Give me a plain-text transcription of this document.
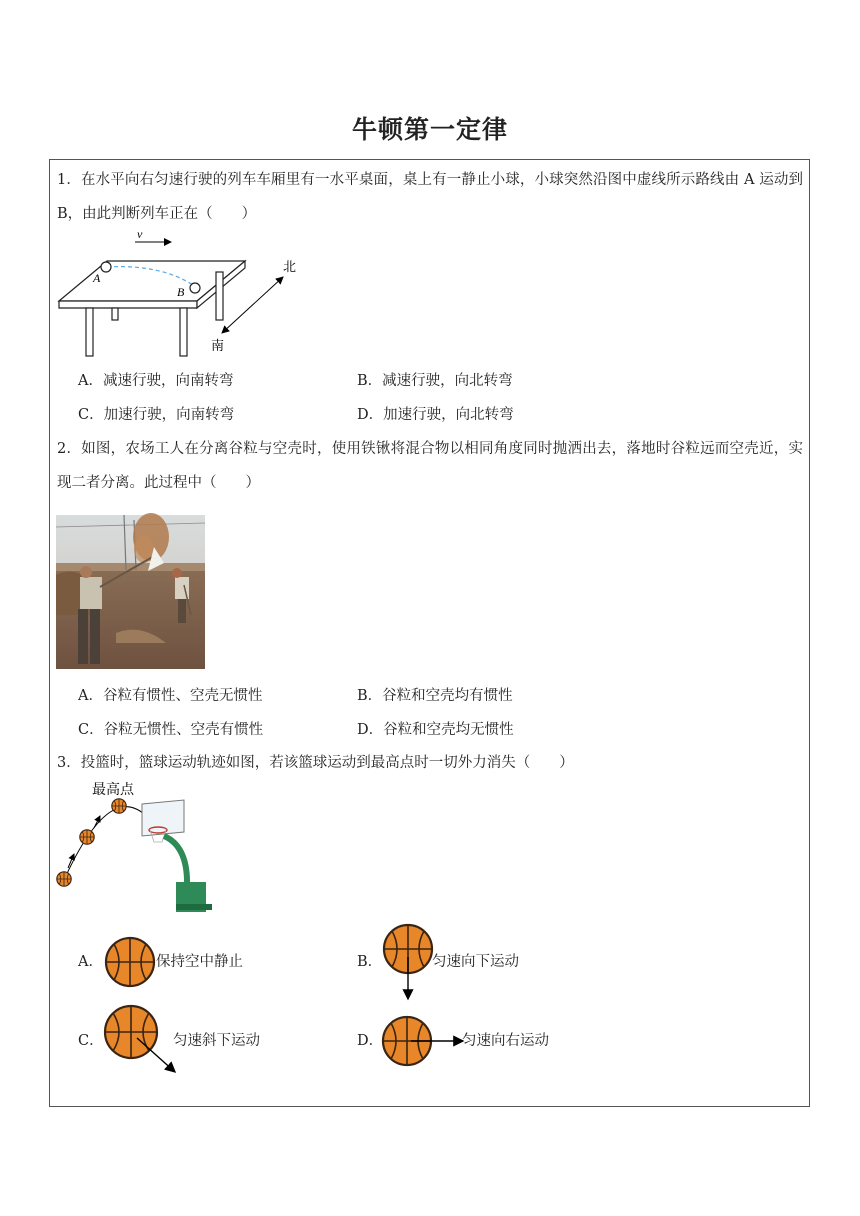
牛顿第一定律
1．在水平向右匀速行驶的列车车厢里有一水平桌面，桌上有一静止小球，小球突然沿图中虚线所示路线由 A 运动到 B，由此判断列车正在（　　）
v
A
B
北
南
A．减速行驶，向南转弯	B．减速行驶，向北转弯
C．加速行驶，向南转弯	D．加速行驶，向北转弯
2．如图，农场工人在分离谷粒与空壳时，使用铁锹将混合物以相同角度同时抛洒出去，落地时谷粒远而空壳近，实现二者分离。此过程中（　　）
A．谷粒有惯性、空壳无惯性	B．谷粒和空壳均有惯性
C．谷粒无惯性、空壳有惯性	D．谷粒和空壳均无惯性
3．投篮时，篮球运动轨迹如图，若该篮球运动到最高点时一切外力消失（　　）
最高点
A．	保持空中静止	B．	匀速向下运动
C．	匀速斜下运动	D．	匀速向右运动
